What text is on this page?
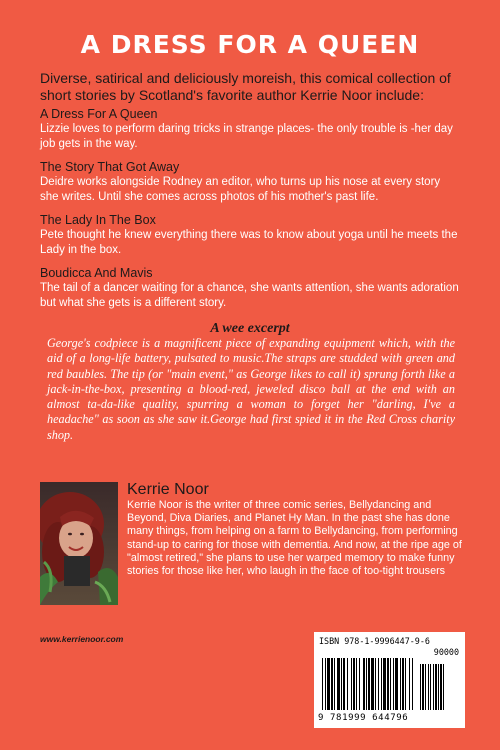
A DRESS FOR A QUEEN
Diverse, satirical and deliciously moreish, this comical collection of short stories by Scotland's favorite author Kerrie Noor include:
A Dress For A Queen
Lizzie loves to perform daring tricks in strange places- the only trouble is -her day job gets in the way.
The Story That Got Away
Deidre works alongside Rodney an editor, who turns up his nose at every story she writes. Until she comes across photos of his mother's past life.
The Lady In The Box
Pete thought he knew everything there was to know about yoga until he meets the Lady in the box.
Boudicca And Mavis
The tail of a dancer waiting for a chance, she wants attention, she wants adoration but what she gets is a different story.
A wee excerpt
George's codpiece is a magnificent piece of expanding equipment which, with the aid of a long-life battery, pulsated to music.The straps are studded with green and red baubles. The tip (or "main event," as George likes to call it) sprung forth like a jack-in-the-box, presenting a blood-red, jeweled disco ball at the end with an almost ta-da-like quality, spurring a woman to forget her "darling, I've a headache" as soon as she saw it.George had first spied it in the Red Cross charity shop.
Kerrie Noor
Kerrie Noor is the writer of three comic series, Bellydancing and Beyond, Diva Diaries, and Planet Hy Man. In the past she has done many things, from helping on a farm to Bellydancing, from performing stand-up to caring for those with dementia. And now, at the ripe age of "almost retired," she plans to use her warped memory to make funny stories for those like her, who laugh in the face of too-tight trousers
www.kerrienoor.com	ISBN 978-1-9996447-9-6
90000
9 781999 644796
